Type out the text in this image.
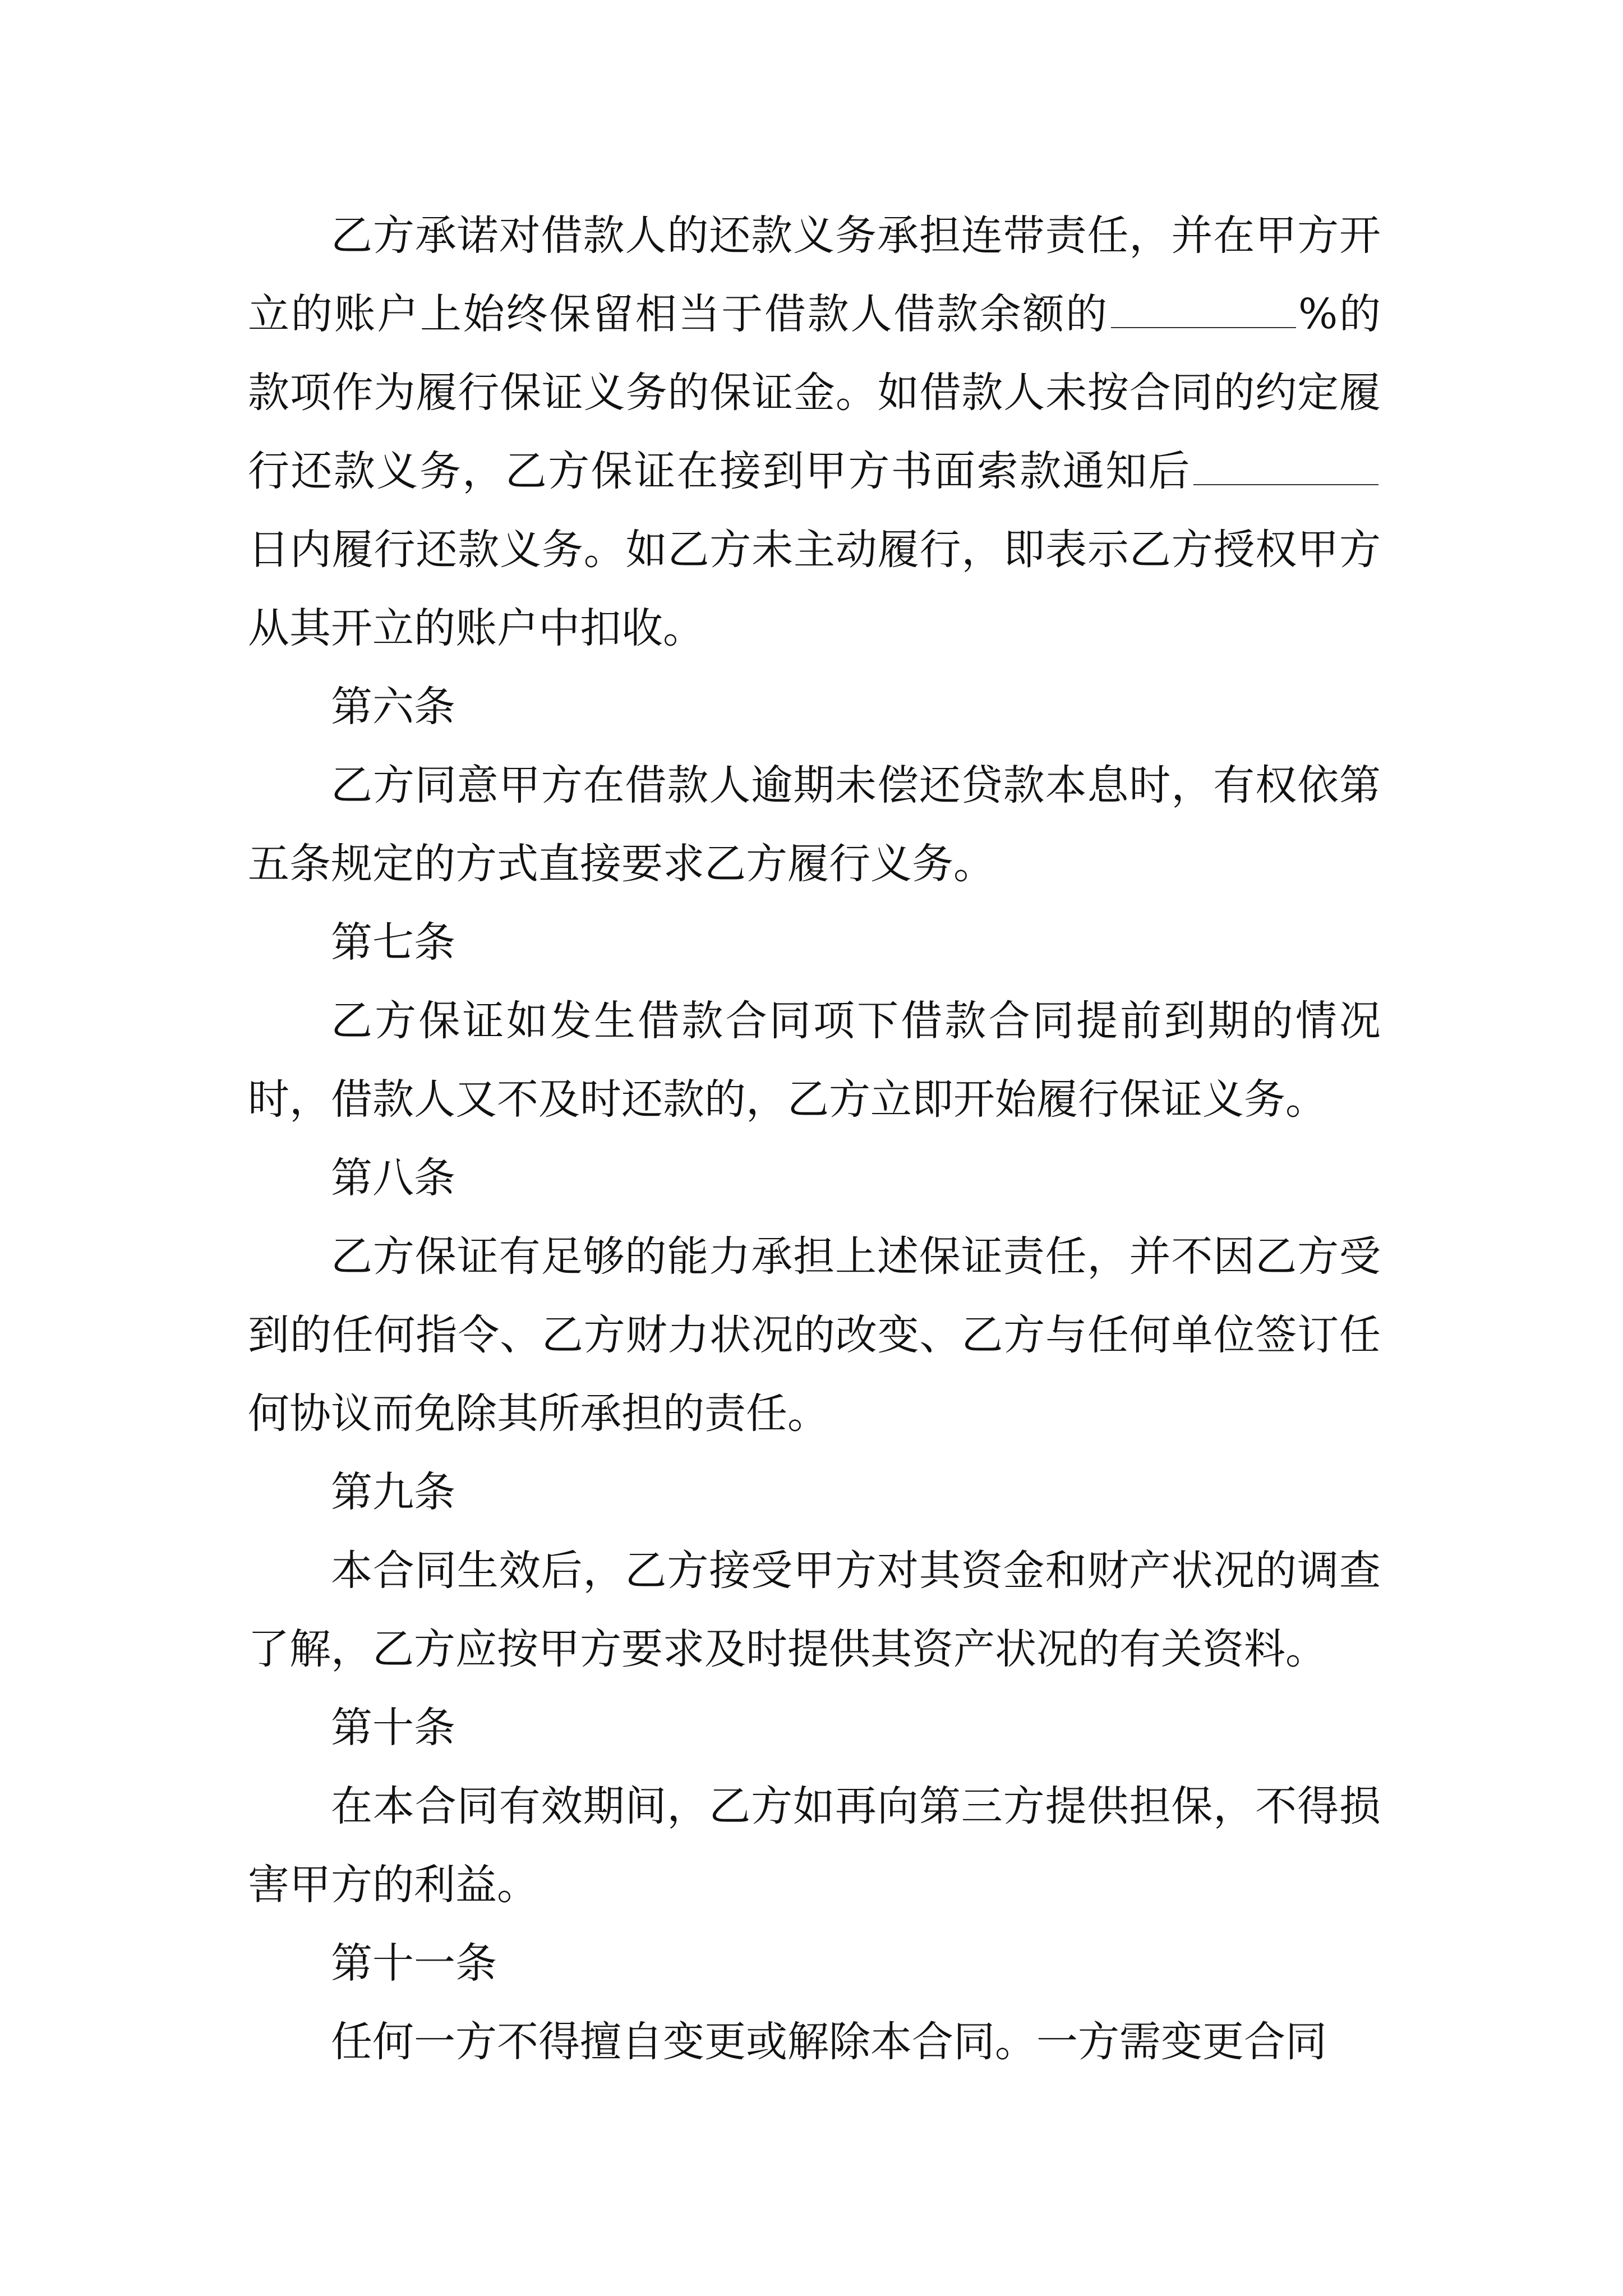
乙方承诺对借款人的还款义务承担连带责任，并在甲方开立的账户上始终保留相当于借款人借款余额的	%的款项作为履行保证义务的保证金。如借款人未按合同的约定履行还款义务，乙方保证在接到甲方书面索款通知后日内履行还款义务。如乙方未主动履行，即表示乙方授权甲方从其开立的账户中扣收。

第六条

乙方同意甲方在借款人逾期未偿还贷款本息时，有权依第五条规定的方式直接要求乙方履行义务。

第七条

乙方保证如发生借款合同项下借款合同提前到期的情况时，借款人又不及时还款的，乙方立即开始履行保证义务。

第八条

乙方保证有足够的能力承担上述保证责任，并不因乙方受到的任何指令、乙方财力状况的改变、乙方与任何单位签订任何协议而免除其所承担的责任。

第九条

本合同生效后，乙方接受甲方对其资金和财产状况的调查了解，乙方应按甲方要求及时提供其资产状况的有关资料。

第十条

在本合同有效期间，乙方如再向第三方提供担保，不得损害甲方的利益。

第十一条

任何一方不得擅自变更或解除本合同。一方需变更合同
